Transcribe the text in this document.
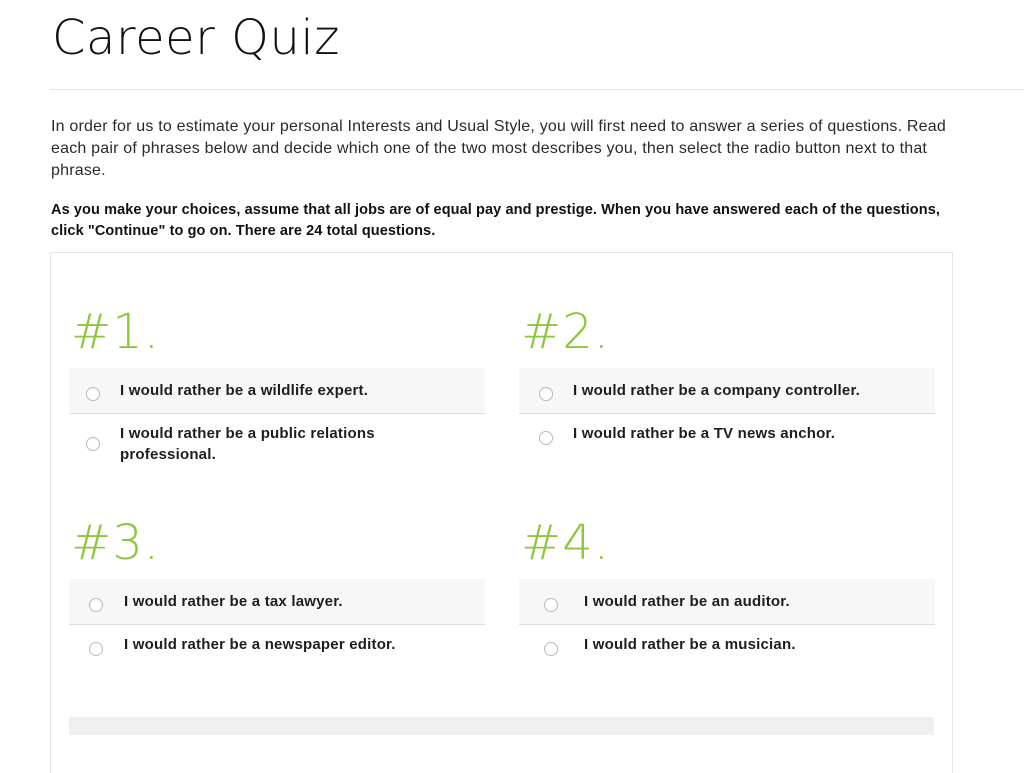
Career Quiz

In order for us to estimate your personal Interests and Usual Style, you will first need to answer a series of questions. Read each pair of phrases below and decide which one of the two most describes you, then select the radio button next to that phrase.

As you make your choices, assume that all jobs are of equal pay and prestige. When you have answered each of the questions, click "Continue" to go on. There are 24 total questions.

#1.
I would rather be a wildlife expert.
I would rather be a public relations professional.
#2.
I would rather be a company controller.
I would rather be a TV news anchor.
#3.
I would rather be a tax lawyer.
I would rather be a newspaper editor.
#4.
I would rather be an auditor.
I would rather be a musician.
